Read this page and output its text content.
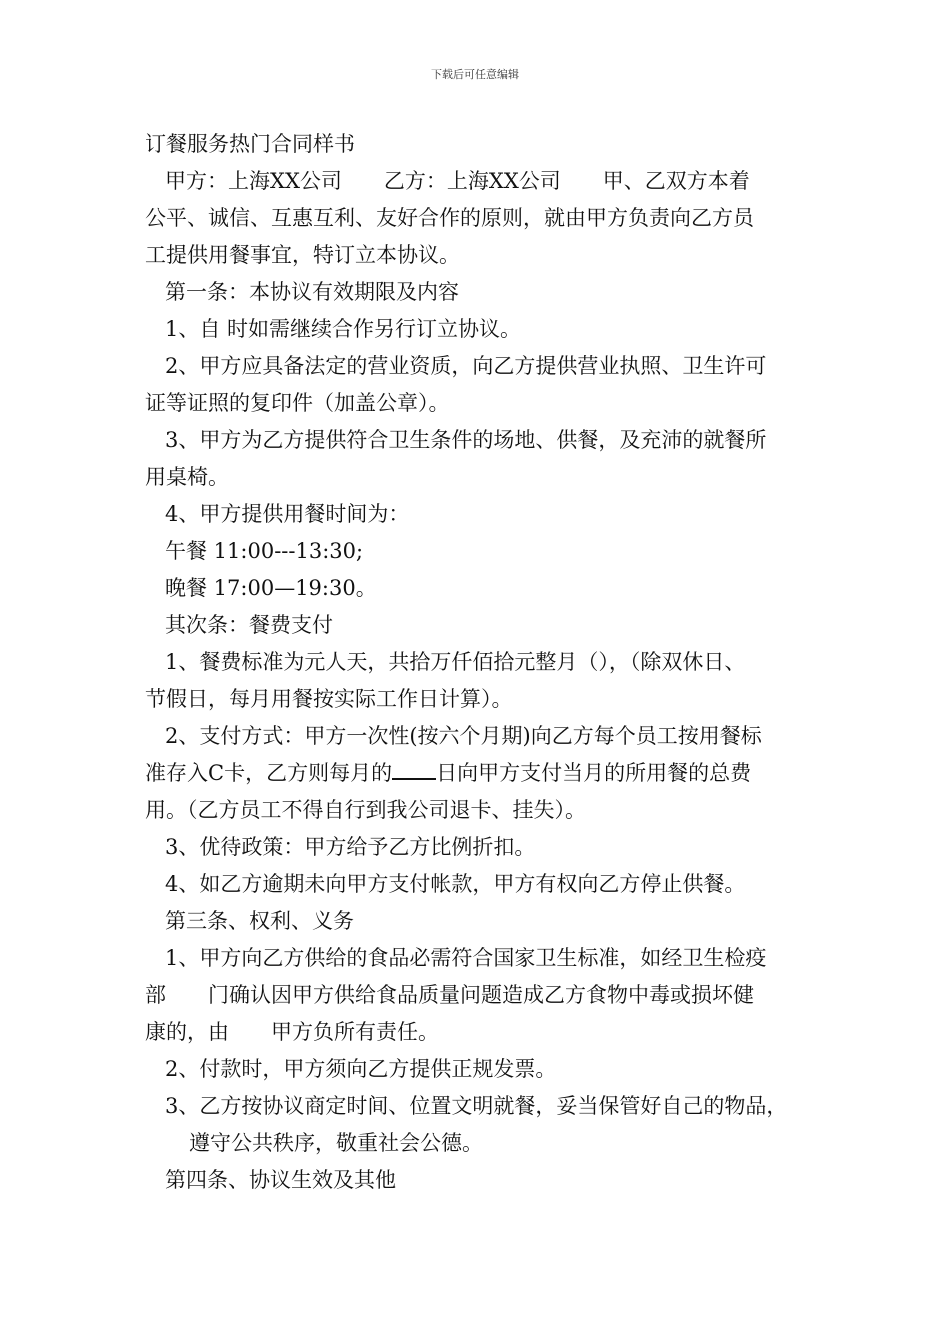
下载后可任意编辑
订餐服务热门合同样书
甲方：上海XX公司　　乙方：上海XX公司　　甲、乙双方本着
公平、诚信、互惠互利、友好合作的原则，就由甲方负责向乙方员
工提供用餐事宜，特订立本协议。
第一条：本协议有效期限及内容
1、自 时如需继续合作另行订立协议。
2、甲方应具备法定的营业资质，向乙方提供营业执照、卫生许可
证等证照的复印件（加盖公章）。
3、甲方为乙方提供符合卫生条件的场地、供餐，及充沛的就餐所
用桌椅。
4、甲方提供用餐时间为：
午餐 11:00---13:30;
晚餐 17:00—19:30。
其次条：餐费支付
1、餐费标准为元人天，共拾万仟佰拾元整月（），（除双休日、
节假日，每月用餐按实际工作日计算）。
2、支付方式：甲方一次性(按六个月期)向乙方每个员工按用餐标
准存入C卡，乙方则每月的 日向甲方支付当月的所用餐的总费
用。（乙方员工不得自行到我公司退卡、挂失）。
3、优待政策：甲方给予乙方比例折扣。
4、如乙方逾期未向甲方支付帐款，甲方有权向乙方停止供餐。
第三条、权利、义务
1、甲方向乙方供给的食品必需符合国家卫生标准，如经卫生检疫
部　　门确认因甲方供给食品质量问题造成乙方食物中毒或损坏健
康的，由　　甲方负所有责任。
2、付款时，甲方须向乙方提供正规发票。
3、乙方按协议商定时间、位置文明就餐，妥当保管好自己的物品，
遵守公共秩序，敬重社会公德。
第四条、协议生效及其他
